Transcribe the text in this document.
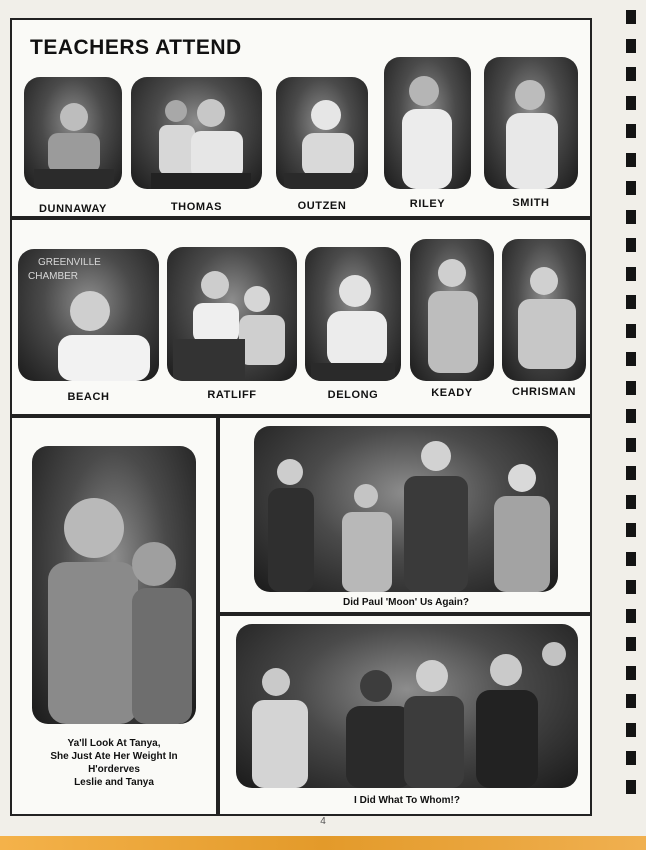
TEACHERS ATTEND
DUNNAWAY	THOMAS	OUTZEN	RILEY	SMITH
GREENVILLE
CHAMBER
BEACH	RATLIFF	DELONG	KEADY	CHRISMAN
Ya'll Look At Tanya,
She Just Ate Her Weight In
H'orderves
Leslie and Tanya
Did Paul 'Moon' Us Again?
I Did What To Whom!?
4
